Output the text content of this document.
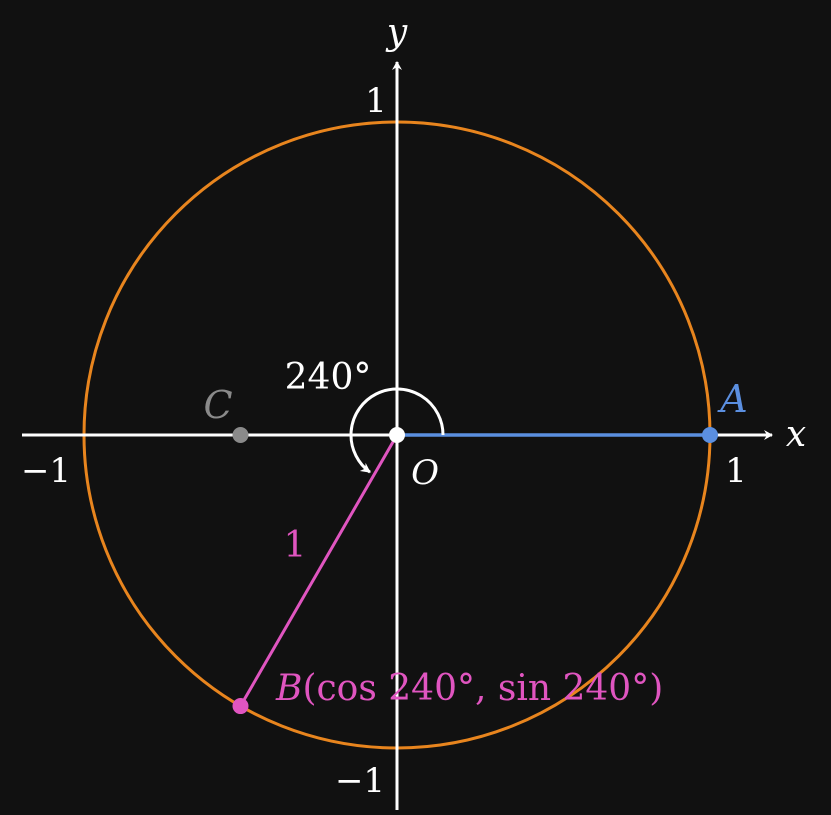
y
x
1
−1
1
−1	O
240°	A
C
1
B(cos 240°, sin 240°)
